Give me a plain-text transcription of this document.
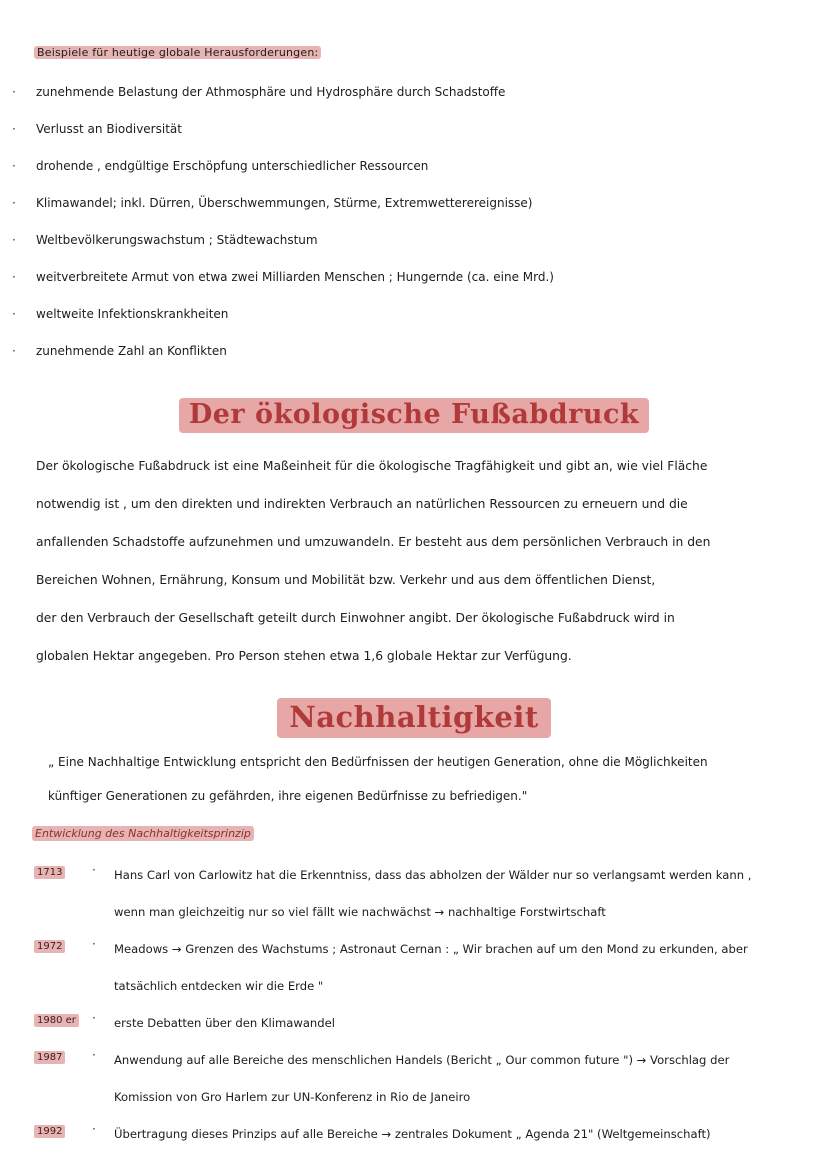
Beispiele für heutige globale Herausforderungen:
· zunehmende Belastung der Athmosphäre und Hydrosphäre durch Schadstoffe
· Verlusst an Biodiversität
· drohende , endgültige Erschöpfung unterschiedlicher Ressourcen
· Klimawandel; inkl. Dürren, Überschwemmungen, Stürme, Extremwetterereignisse)
· Weltbevölkerungswachstum ; Städtewachstum
· weitverbreitete Armut von etwa zwei Milliarden Menschen ; Hungernde (ca. eine Mrd.)
· weltweite Infektionskrankheiten
· zunehmende Zahl an Konflikten
Der ökologische Fußabdruck

Der ökologische Fußabdruck ist eine Maßeinheit für die ökologische Tragfähigkeit und gibt an, wie viel Fläche
notwendig ist , um den direkten und indirekten Verbrauch an natürlichen Ressourcen zu erneuern und die
anfallenden Schadstoffe aufzunehmen und umzuwandeln. Er besteht aus dem persönlichen Verbrauch in den
Bereichen Wohnen, Ernährung, Konsum und Mobilität bzw. Verkehr und aus dem öffentlichen Dienst,
der den Verbrauch der Gesellschaft geteilt durch Einwohner angibt. Der ökologische Fußabdruck wird in
globalen Hektar angegeben. Pro Person stehen etwa 1,6 globale Hektar zur Verfügung.

Nachhaltigkeit

„ Eine Nachhaltige Entwicklung entspricht den Bedürfnissen der heutigen Generation, ohne die Möglichkeiten
künftiger Generationen zu gefährden, ihre eigenen Bedürfnisse zu befriedigen."

Entwicklung des Nachhaltigkeitsprinzip
1713 · Hans Carl von Carlowitz hat die Erkenntniss, dass das abholzen der Wälder nur so verlangsamt werden kann ,
wenn man gleichzeitig nur so viel fällt wie nachwächst → nachhaltige Forstwirtschaft
1972 · Meadows → Grenzen des Wachstums ; Astronaut Cernan : „ Wir brachen auf um den Mond zu erkunden, aber
tatsächlich entdecken wir die Erde "
1980 er · erste Debatten über den Klimawandel
1987 · Anwendung auf alle Bereiche des menschlichen Handels (Bericht „ Our common future ") → Vorschlag der
Komission von Gro Harlem zur UN-Konferenz in Rio de Janeiro
1992 · Übertragung dieses Prinzips auf alle Bereiche → zentrales Dokument „ Agenda 21" (Weltgemeinschaft)
